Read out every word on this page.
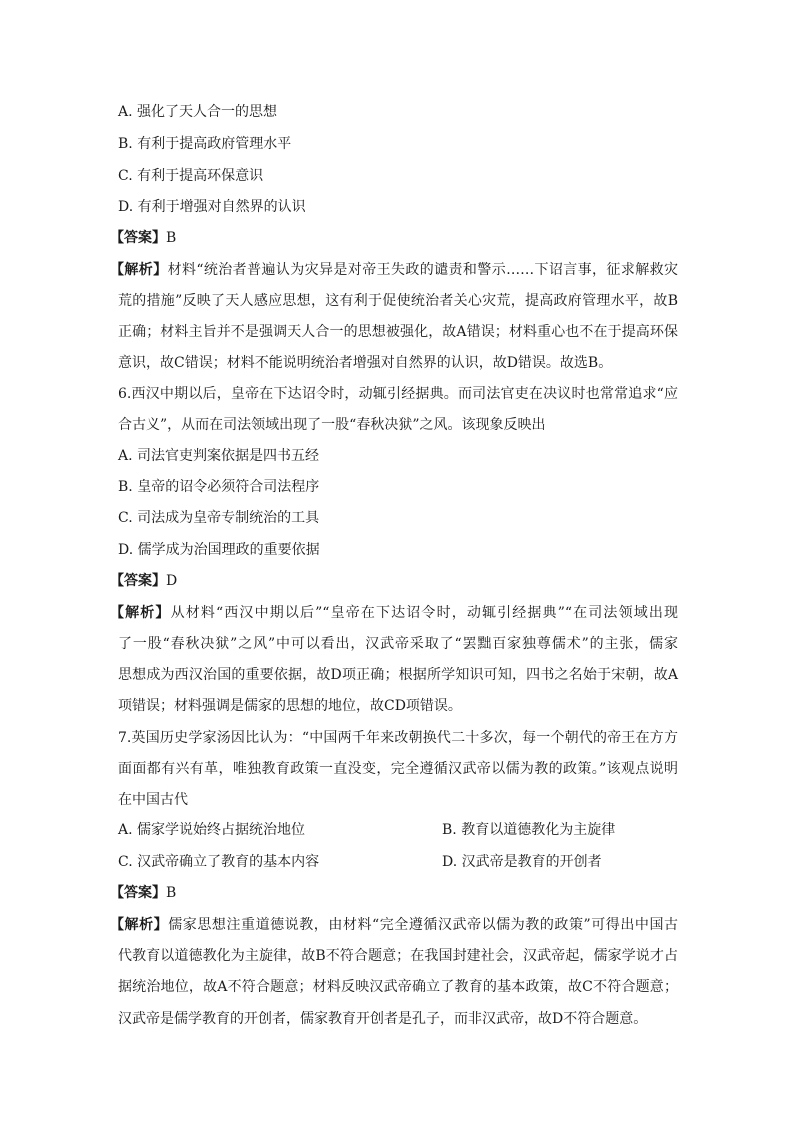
A. 强化了天人合一的思想
B. 有利于提高政府管理水平
C. 有利于提高环保意识
D. 有利于增强对自然界的认识
【答案】B
【解析】材料“统治者普遍认为灾异是对帝王失政的谴责和警示……下诏言事，征求解救灾
荒的措施”反映了天人感应思想，这有利于促使统治者关心灾荒，提高政府管理水平，故B
正确；材料主旨并不是强调天人合一的思想被强化，故A错误；材料重心也不在于提高环保
意识，故C错误；材料不能说明统治者增强对自然界的认识，故D错误。故选B。
6.西汉中期以后，皇帝在下达诏令时，动辄引经据典。而司法官吏在决议时也常常追求“应
合古义”，从而在司法领域出现了一股“春秋决狱”之风。该现象反映出
A. 司法官吏判案依据是四书五经
B. 皇帝的诏令必须符合司法程序
C. 司法成为皇帝专制统治的工具
D. 儒学成为治国理政的重要依据
【答案】D
【解析】从材料“西汉中期以后”“皇帝在下达诏令时，动辄引经据典”“在司法领域出现
了一股“春秋决狱”之风”中可以看出，汉武帝采取了“罢黜百家独尊儒术”的主张，儒家
思想成为西汉治国的重要依据，故D项正确；根据所学知识可知，四书之名始于宋朝，故A
项错误；材料强调是儒家的思想的地位，故CD项错误。
7.英国历史学家汤因比认为：“中国两千年来改朝换代二十多次，每一个朝代的帝王在方方
面面都有兴有革，唯独教育政策一直没变，完全遵循汉武帝以儒为教的政策。”该观点说明
在中国古代
A. 儒家学说始终占据统治地位	B. 教育以道德教化为主旋律
C. 汉武帝确立了教育的基本内容	D. 汉武帝是教育的开创者
【答案】B
【解析】儒家思想注重道德说教，由材料“完全遵循汉武帝以儒为教的政策”可得出中国古
代教育以道德教化为主旋律，故B不符合题意；在我国封建社会，汉武帝起，儒家学说才占
据统治地位，故A不符合题意；材料反映汉武帝确立了教育的基本政策，故C不符合题意；
汉武帝是儒学教育的开创者，儒家教育开创者是孔子，而非汉武帝，故D不符合题意。
